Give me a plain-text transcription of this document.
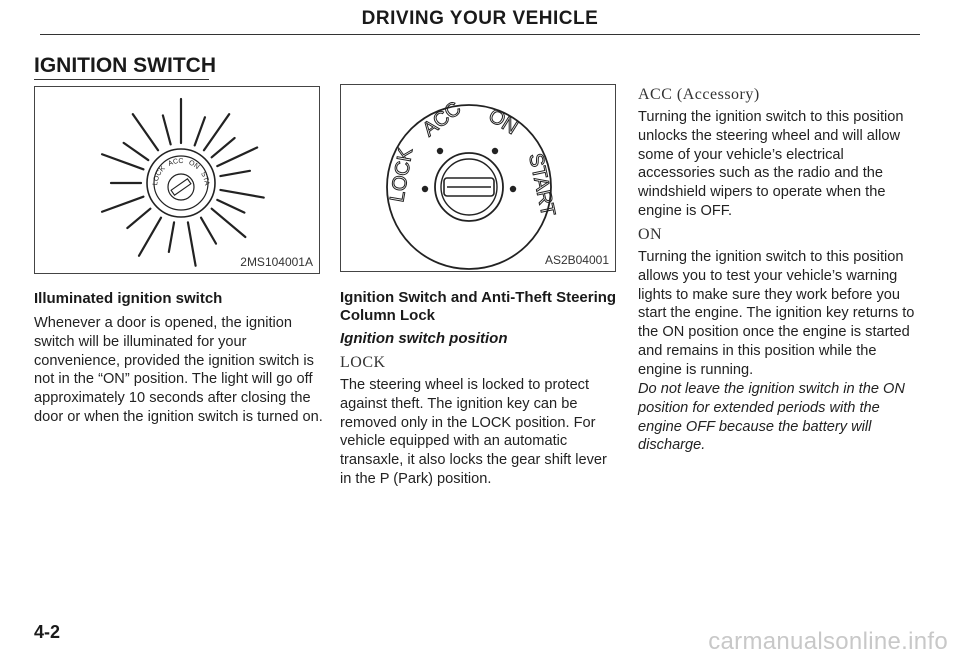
DRIVING YOUR VEHICLE
IGNITION SWITCH
LOCK ACC ON STA
2MS104001A
LOCK
ACC ON
START
AS2B04001
Illuminated ignition switch
Whenever a door is opened, the ignition switch will be illuminated for your convenience, provided the ignition switch is not in the “ON” position. The light will go off approximately 10 seconds after closing the door or when the ignition switch is turned on.
Ignition Switch and Anti-Theft Steering Column Lock
Ignition switch position
LOCK
The steering wheel is locked to protect against theft. The ignition key can be removed only in the LOCK position. For vehicle equipped with an automatic transaxle, it also locks the gear shift lever in the P (Park) position.
ACC (Accessory)
Turning the ignition switch to this position unlocks the steering wheel and will allow some of your vehicle’s electrical accessories such as the radio and the windshield wipers to operate when the engine is OFF.
ON
Turning the ignition switch to this position allows you to test your vehicle’s warning lights to make sure they work before you start the engine. The ignition key returns to the ON position once the engine is started and remains in this position while the engine is running.
Do not leave the ignition switch in the ON position for extended periods with the engine OFF because the battery will discharge.
4-2	carmanualsonline.info
